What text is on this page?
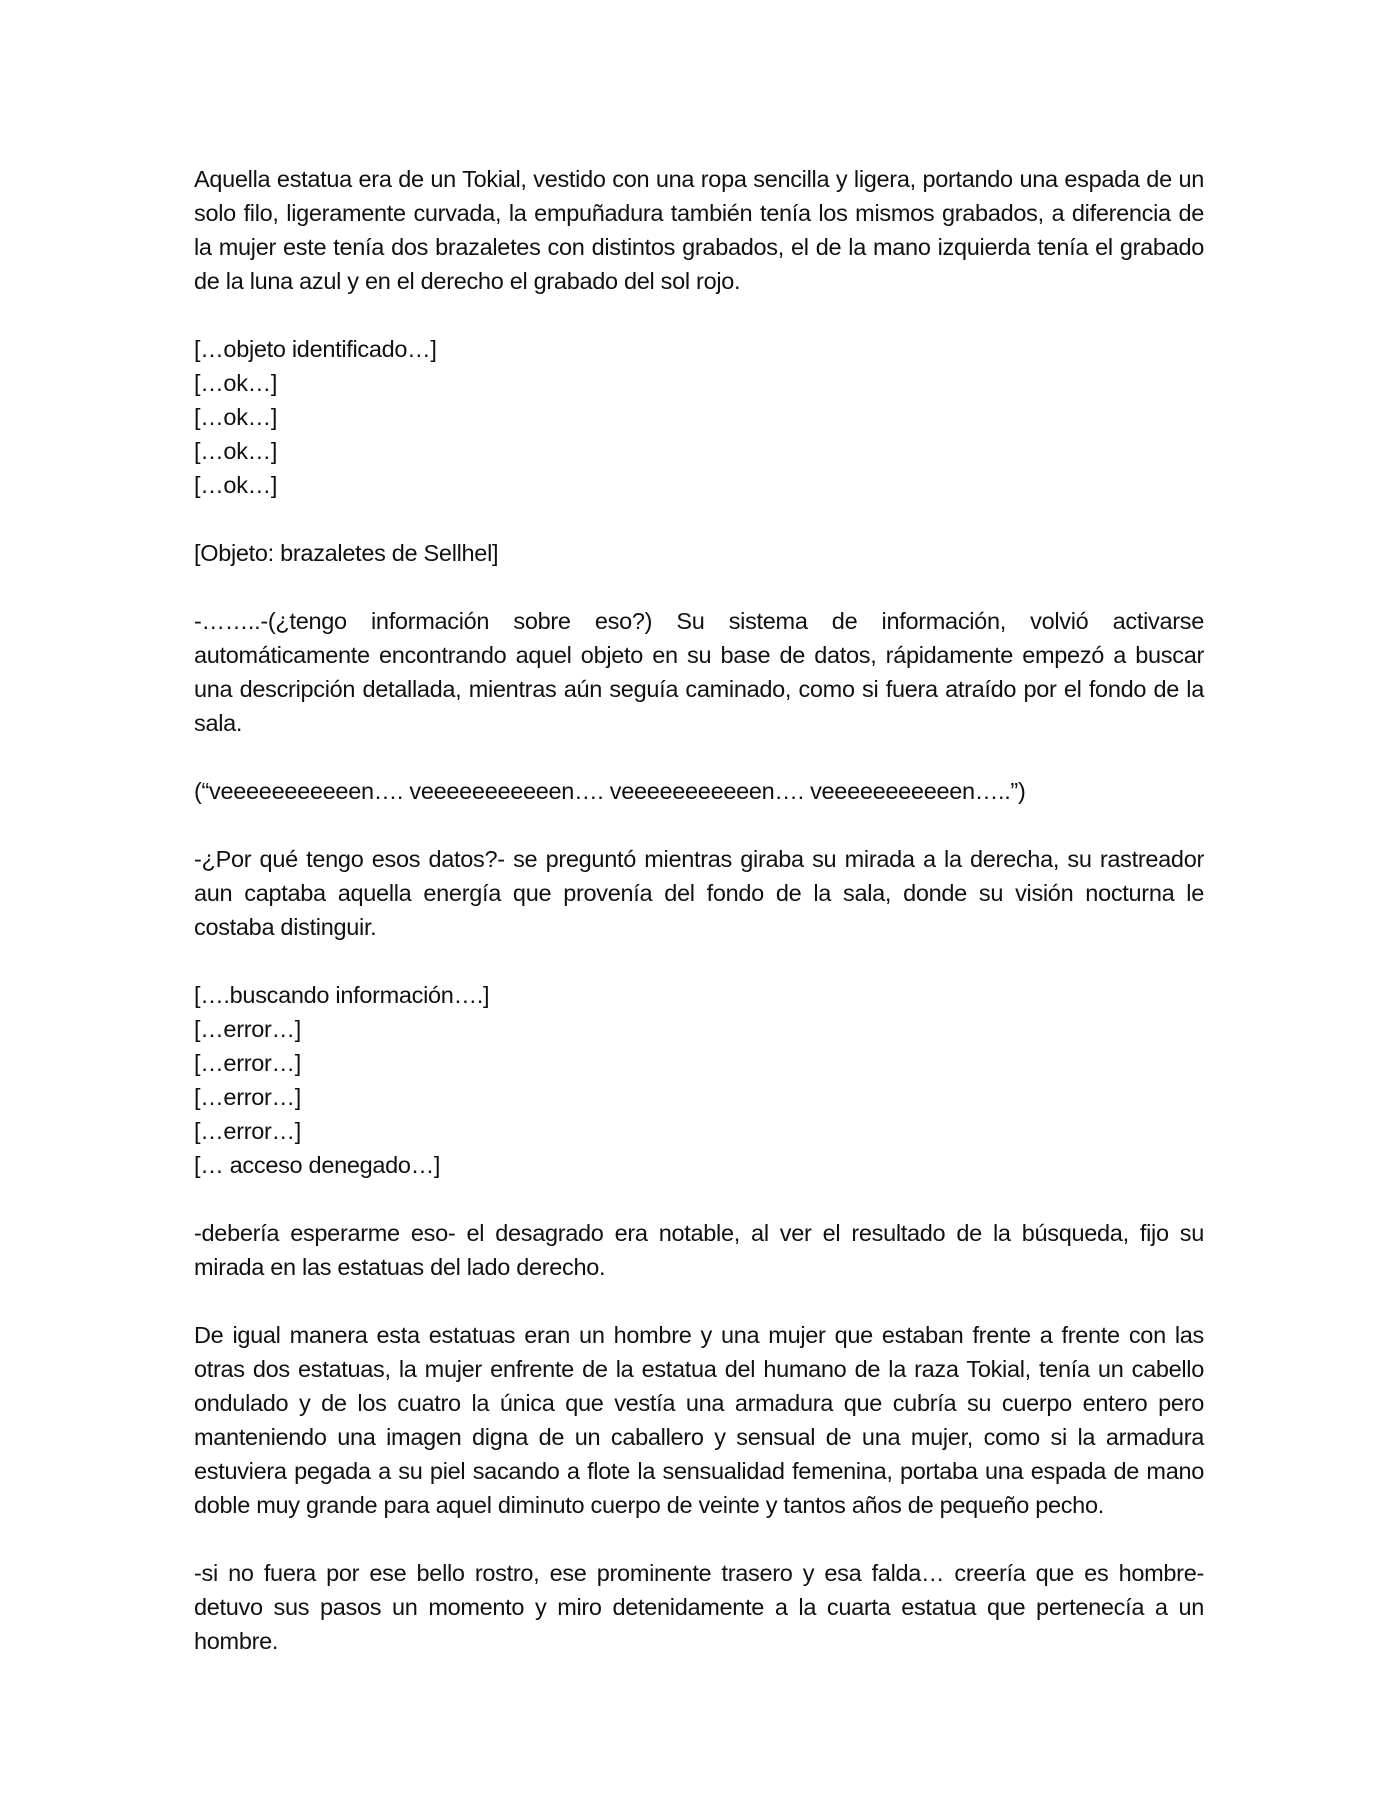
Aquella estatua era de un Tokial, vestido con una ropa sencilla y ligera, portando una espada de un solo filo, ligeramente curvada, la empuñadura también tenía los mismos grabados, a diferencia de la mujer este tenía dos brazaletes con distintos grabados, el de la mano izquierda tenía el grabado de la luna azul y en el derecho el grabado del sol rojo.

[…objeto identificado…]
[…ok…]
[…ok…]
[…ok…]
[…ok…]

[Objeto: brazaletes de Sellhel]

-……..-(¿tengo información sobre eso?) Su sistema de información, volvió activarse automáticamente encontrando aquel objeto en su base de datos, rápidamente empezó a buscar una descripción detallada, mientras aún seguía caminado, como si fuera atraído por el fondo de la sala.

(“veeeeeeeeeeen…. veeeeeeeeeeen…. veeeeeeeeeeen…. veeeeeeeeeeen…..”)

-¿Por qué tengo esos datos?- se preguntó mientras giraba su mirada a la derecha, su rastreador aun captaba aquella energía que provenía del fondo de la sala, donde su visión nocturna le costaba distinguir.

[….buscando información….]
[…error…]
[…error…]
[…error…]
[…error…]
[… acceso denegado…]

-debería esperarme eso- el desagrado era notable, al ver el resultado de la búsqueda, fijo su mirada en las estatuas del lado derecho.

De igual manera esta estatuas eran un hombre y una mujer que estaban frente a frente con las otras dos estatuas, la mujer enfrente de la estatua del humano de la raza Tokial, tenía un cabello ondulado y de los cuatro la única que vestía una armadura que cubría su cuerpo entero pero manteniendo una imagen digna de un caballero y sensual de una mujer, como si la armadura estuviera pegada a su piel sacando a flote la sensualidad femenina, portaba una espada de mano doble muy grande para aquel diminuto cuerpo de veinte y tantos años de pequeño pecho.

-si no fuera por ese bello rostro, ese prominente trasero y esa falda… creería que es hombre- detuvo sus pasos un momento y miro detenidamente a la cuarta estatua que pertenecía a un hombre.
